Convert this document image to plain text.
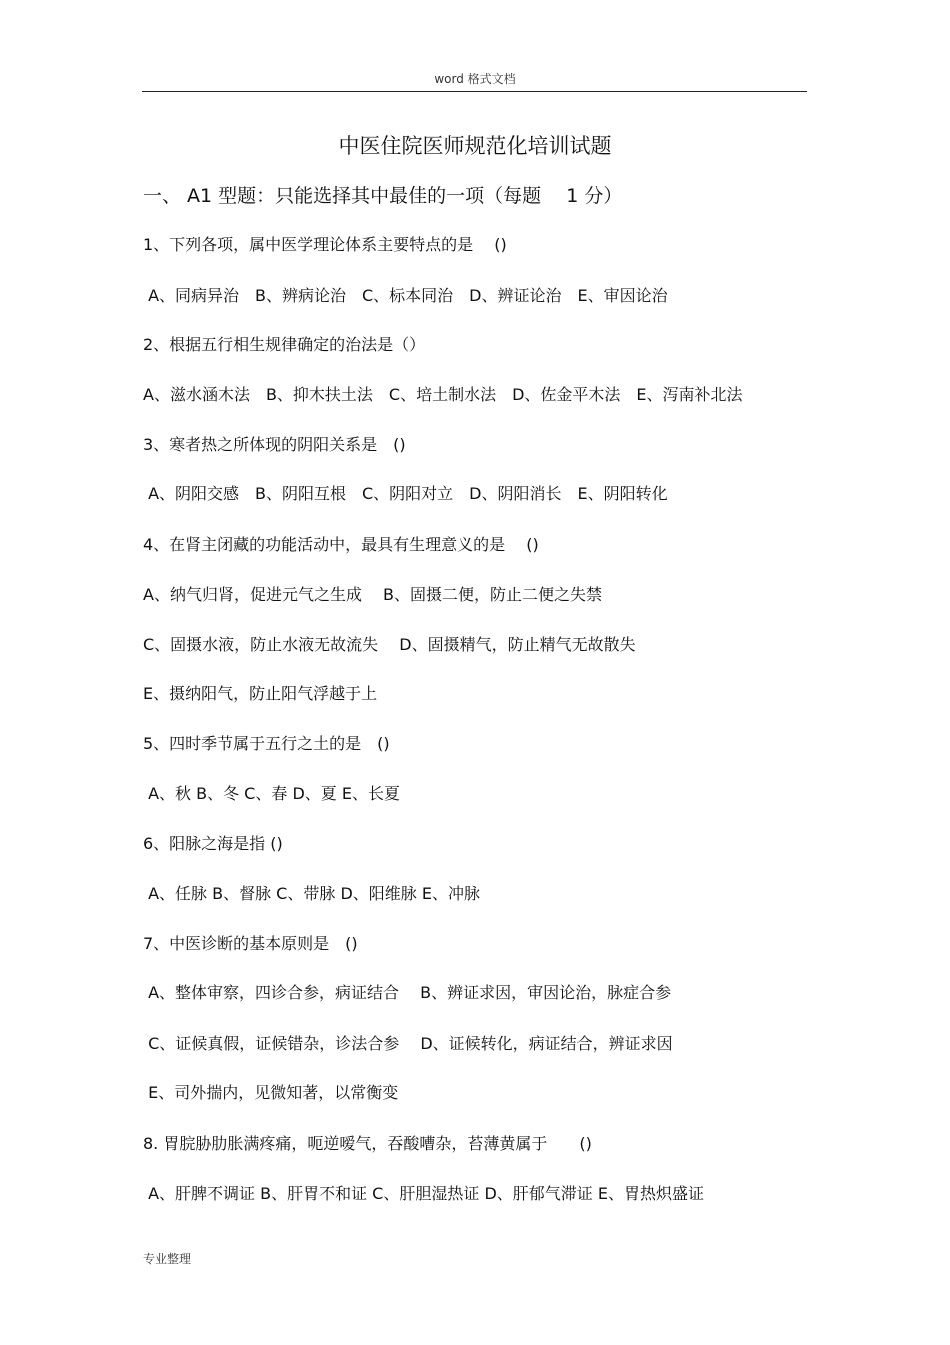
word 格式文档
中医住院医师规范化培训试题
一、 A1 型题：只能选择其中最佳的一项（每题　 1 分）
1、下列各项，属中医学理论体系主要特点的是　 ()
A、同病异治　B、辨病论治　C、标本同治　D、辨证论治　E、审因论治
2、根据五行相生规律确定的治法是（）
A、滋水涵木法　B、抑木扶土法　C、培土制水法　D、佐金平木法　E、泻南补北法
3、寒者热之所体现的阴阳关系是　()
A、阴阳交感　B、阴阳互根　C、阴阳对立　D、阴阳消长　E、阴阳转化
4、在肾主闭藏的功能活动中，最具有生理意义的是　 ()
A、纳气归肾，促进元气之生成　 B、固摄二便，防止二便之失禁
C、固摄水液，防止水液无故流失　 D、固摄精气，防止精气无故散失
E、摄纳阳气，防止阳气浮越于上
5、四时季节属于五行之土的是　()
A、秋 B、冬 C、春 D、夏 E、长夏
6、阳脉之海是指 ()
A、任脉 B、督脉 C、带脉 D、阳维脉 E、冲脉
7、中医诊断的基本原则是　()
A、整体审察，四诊合参，病证结合　 B、辨证求因，审因论治，脉症合参
C、证候真假，证候错杂，诊法合参　 D、证候转化，病证结合，辨证求因
E、司外揣内，见微知著，以常衡变
8. 胃脘胁肋胀满疼痛，呃逆嗳气，吞酸嘈杂，苔薄黄属于　　()
A、肝脾不调证 B、肝胃不和证 C、肝胆湿热证 D、肝郁气滞证 E、胃热炽盛证
专业整理
